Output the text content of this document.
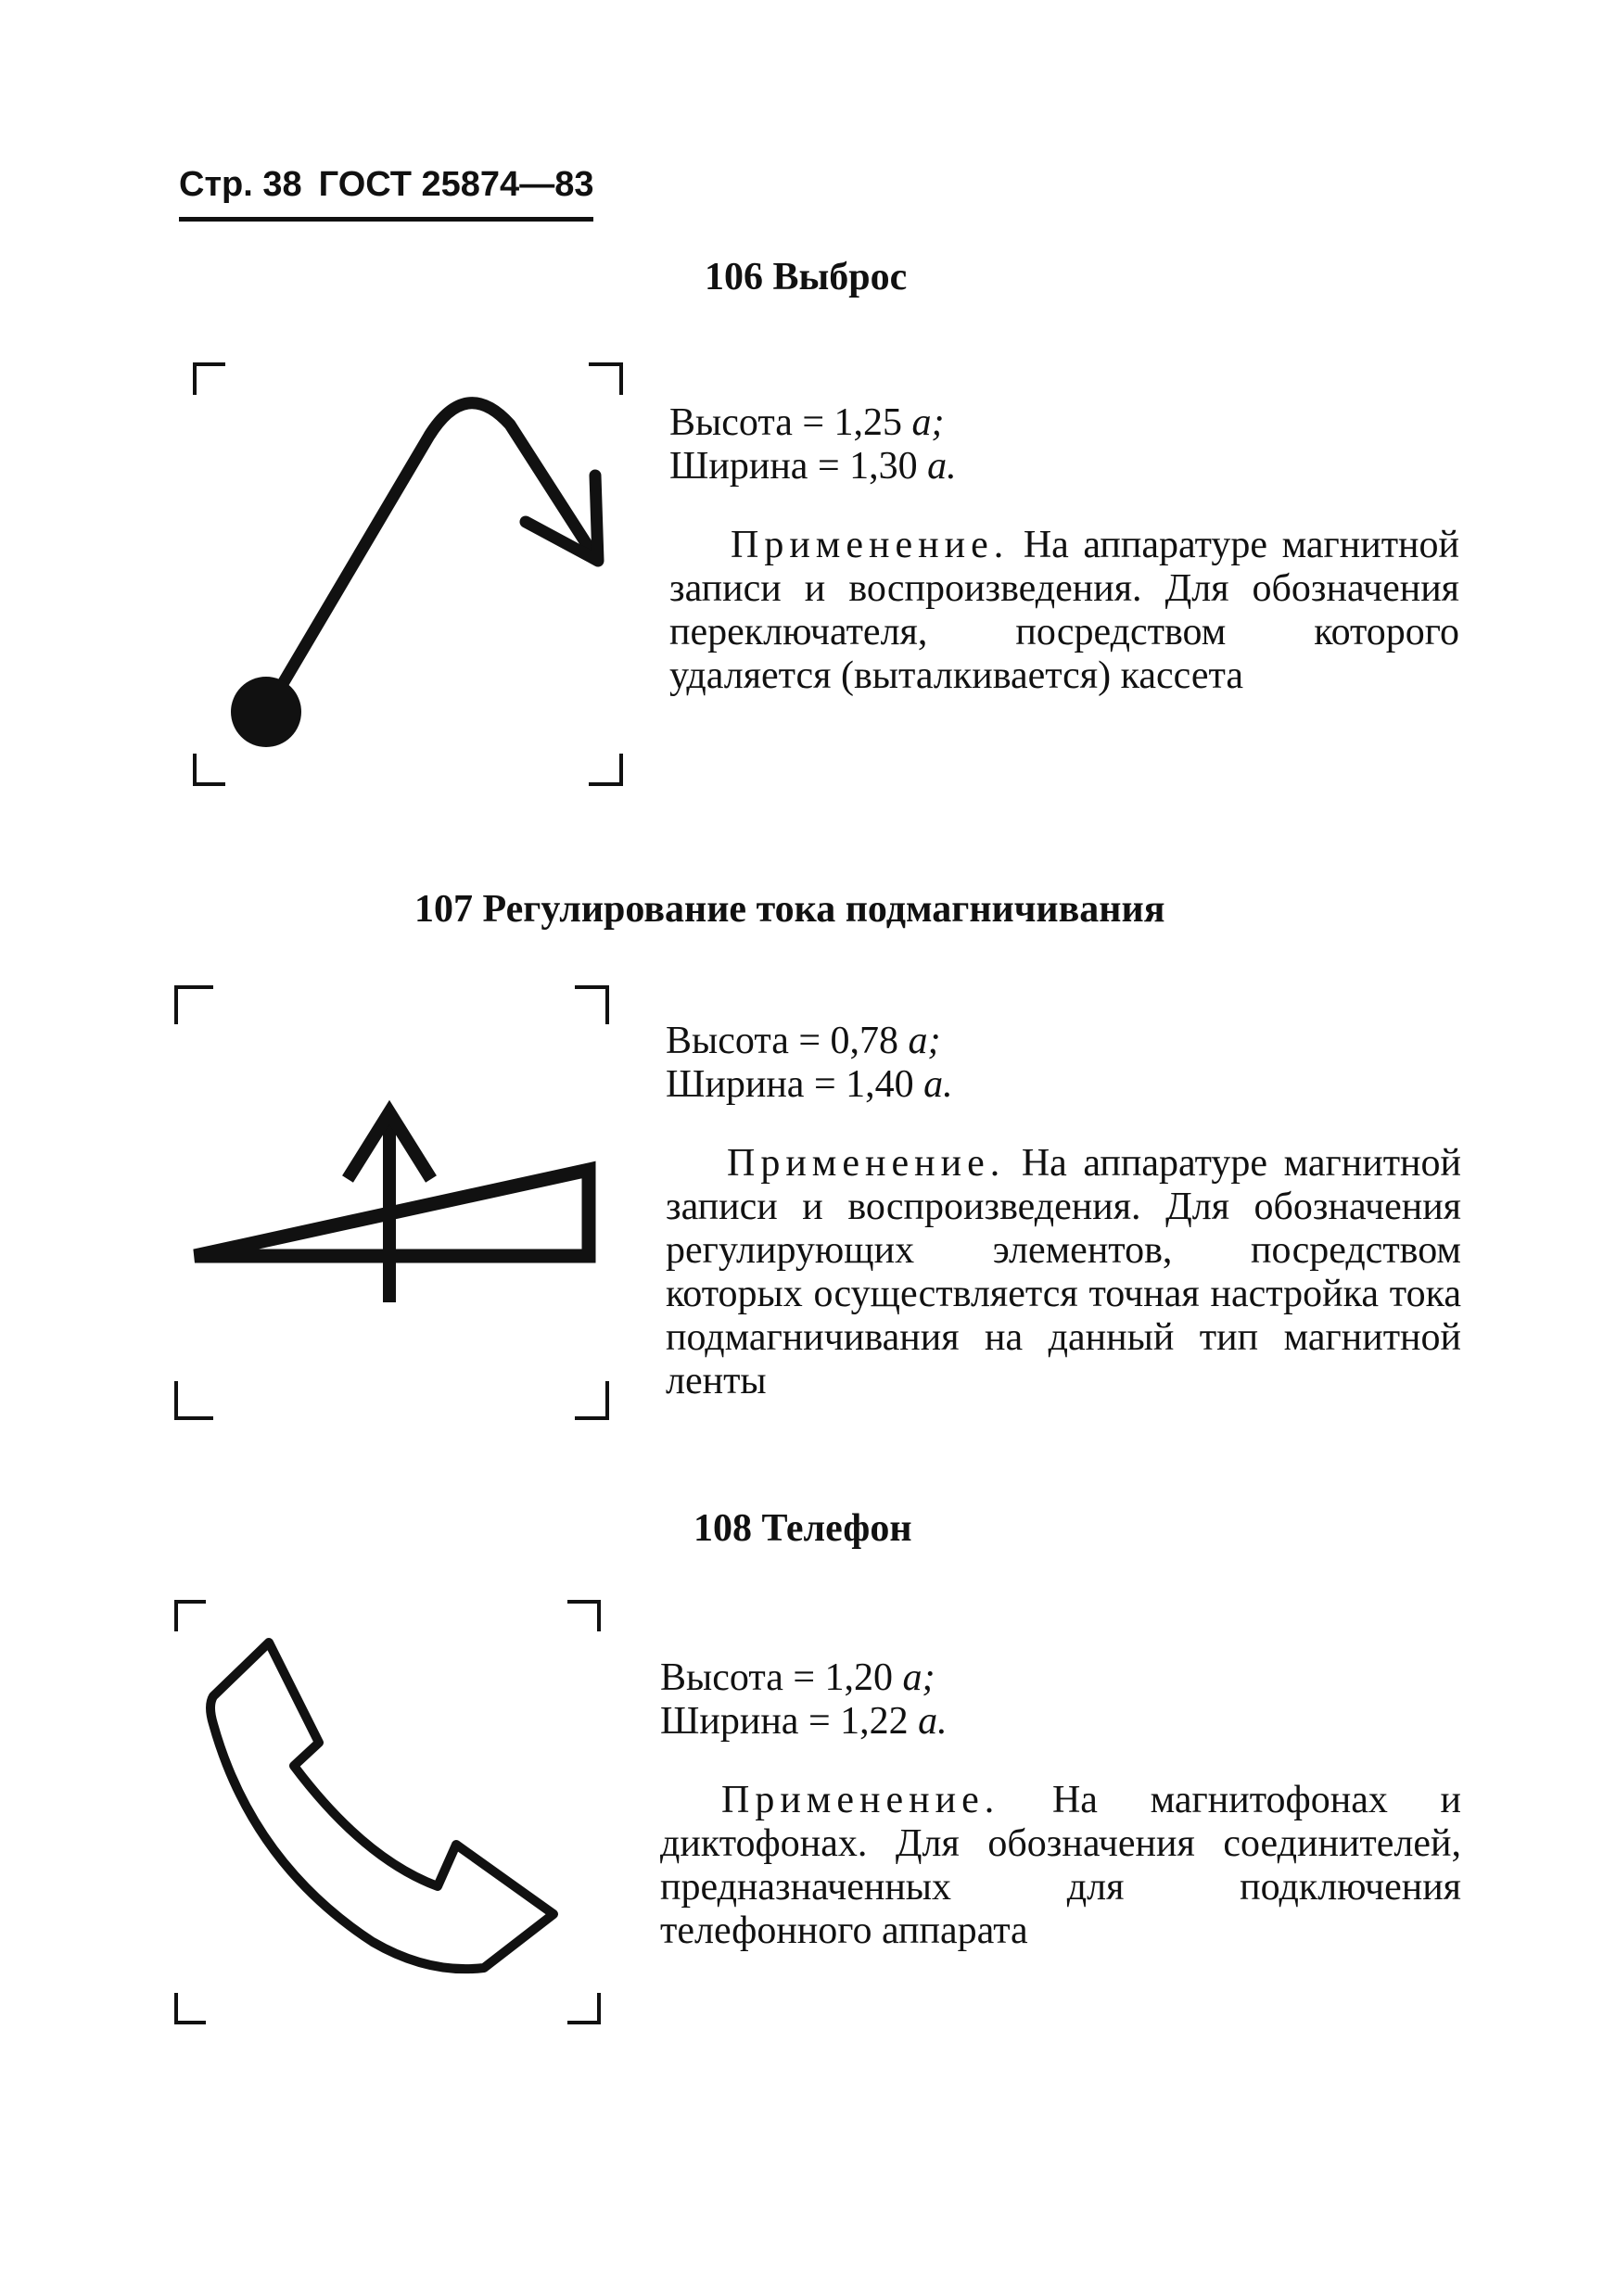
Стр. 38 ГОСТ 25874—83
106 Выброс

Высота = 1,25 а;

Ширина = 1,30 а.

Применение. На аппаратуре магнитной записи и воспроизведения. Для обозначения переключателя, посредством которого удаляется (выталкивается) кассета

107 Регулирование тока подмагничивания

Высота = 0,78 а;

Ширина = 1,40 а.

Применение. На аппаратуре магнитной записи и воспроизведения. Для обозначения регулирующих элементов, посредством которых осуществляется точная настройка тока подмагничивания на данный тип магнитной ленты

108 Телефон

Высота = 1,20 а;

Ширина = 1,22 а.

Применение. На магнитофонах и диктофонах. Для обозначения соединителей, предназначенных для подключения телефонного аппарата
